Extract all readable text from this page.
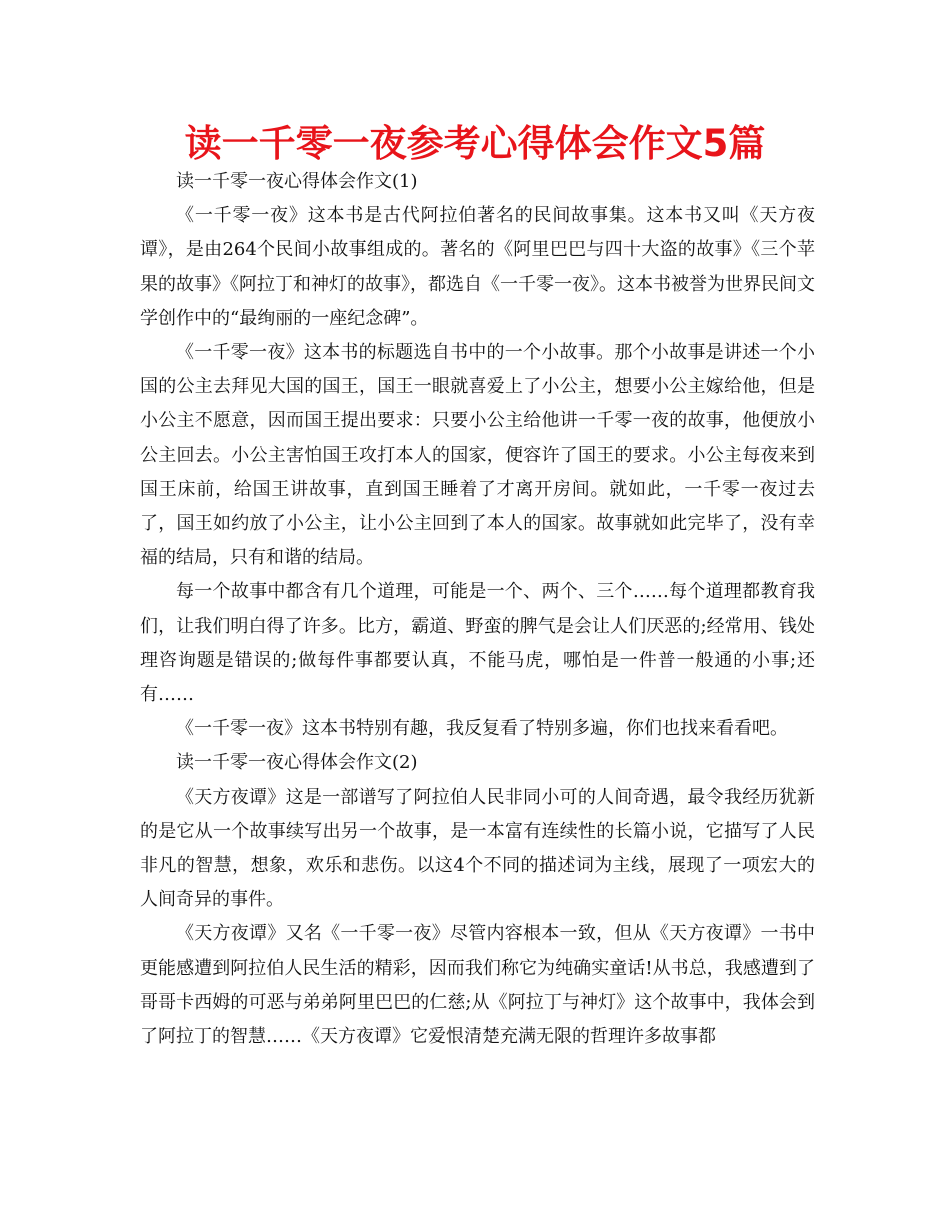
读一千零一夜参考心得体会作文5篇

读一千零一夜心得体会作文(1)

《一千零一夜》这本书是古代阿拉伯著名的民间故事集。这本书又叫《天方夜谭》，是由264个民间小故事组成的。著名的《阿里巴巴与四十大盗的故事》《三个苹果的故事》《阿拉丁和神灯的故事》，都选自《一千零一夜》。这本书被誉为世界民间文学创作中的“最绚丽的一座纪念碑”。

《一千零一夜》这本书的标题选自书中的一个小故事。那个小故事是讲述一个小国的公主去拜见大国的国王，国王一眼就喜爱上了小公主，想要小公主嫁给他，但是小公主不愿意，因而国王提出要求：只要小公主给他讲一千零一夜的故事，他便放小公主回去。小公主害怕国王攻打本人的国家，便容许了国王的要求。小公主每夜来到国王床前，给国王讲故事，直到国王睡着了才离开房间。就如此，一千零一夜过去了，国王如约放了小公主，让小公主回到了本人的国家。故事就如此完毕了，没有幸福的结局，只有和谐的结局。

每一个故事中都含有几个道理，可能是一个、两个、三个……每个道理都教育我们，让我们明白得了许多。比方，霸道、野蛮的脾气是会让人们厌恶的;经常用、钱处理咨询题是错误的;做每件事都要认真，不能马虎，哪怕是一件普一般通的小事;还有……

《一千零一夜》这本书特别有趣，我反复看了特别多遍，你们也找来看看吧。

读一千零一夜心得体会作文(2)

《天方夜谭》这是一部谱写了阿拉伯人民非同小可的人间奇遇，最令我经历犹新的是它从一个故事续写出另一个故事，是一本富有连续性的长篇小说，它描写了人民非凡的智慧，想象，欢乐和悲伤。以这4个不同的描述词为主线，展现了一项宏大的人间奇异的事件。

《天方夜谭》又名《一千零一夜》尽管内容根本一致，但从《天方夜谭》一书中更能感遭到阿拉伯人民生活的精彩，因而我们称它为纯确实童话!从书总，我感遭到了哥哥卡西姆的可恶与弟弟阿里巴巴的仁慈;从《阿拉丁与神灯》这个故事中，我体会到了阿拉丁的智慧……《天方夜谭》它爱恨清楚充满无限的哲理许多故事都
